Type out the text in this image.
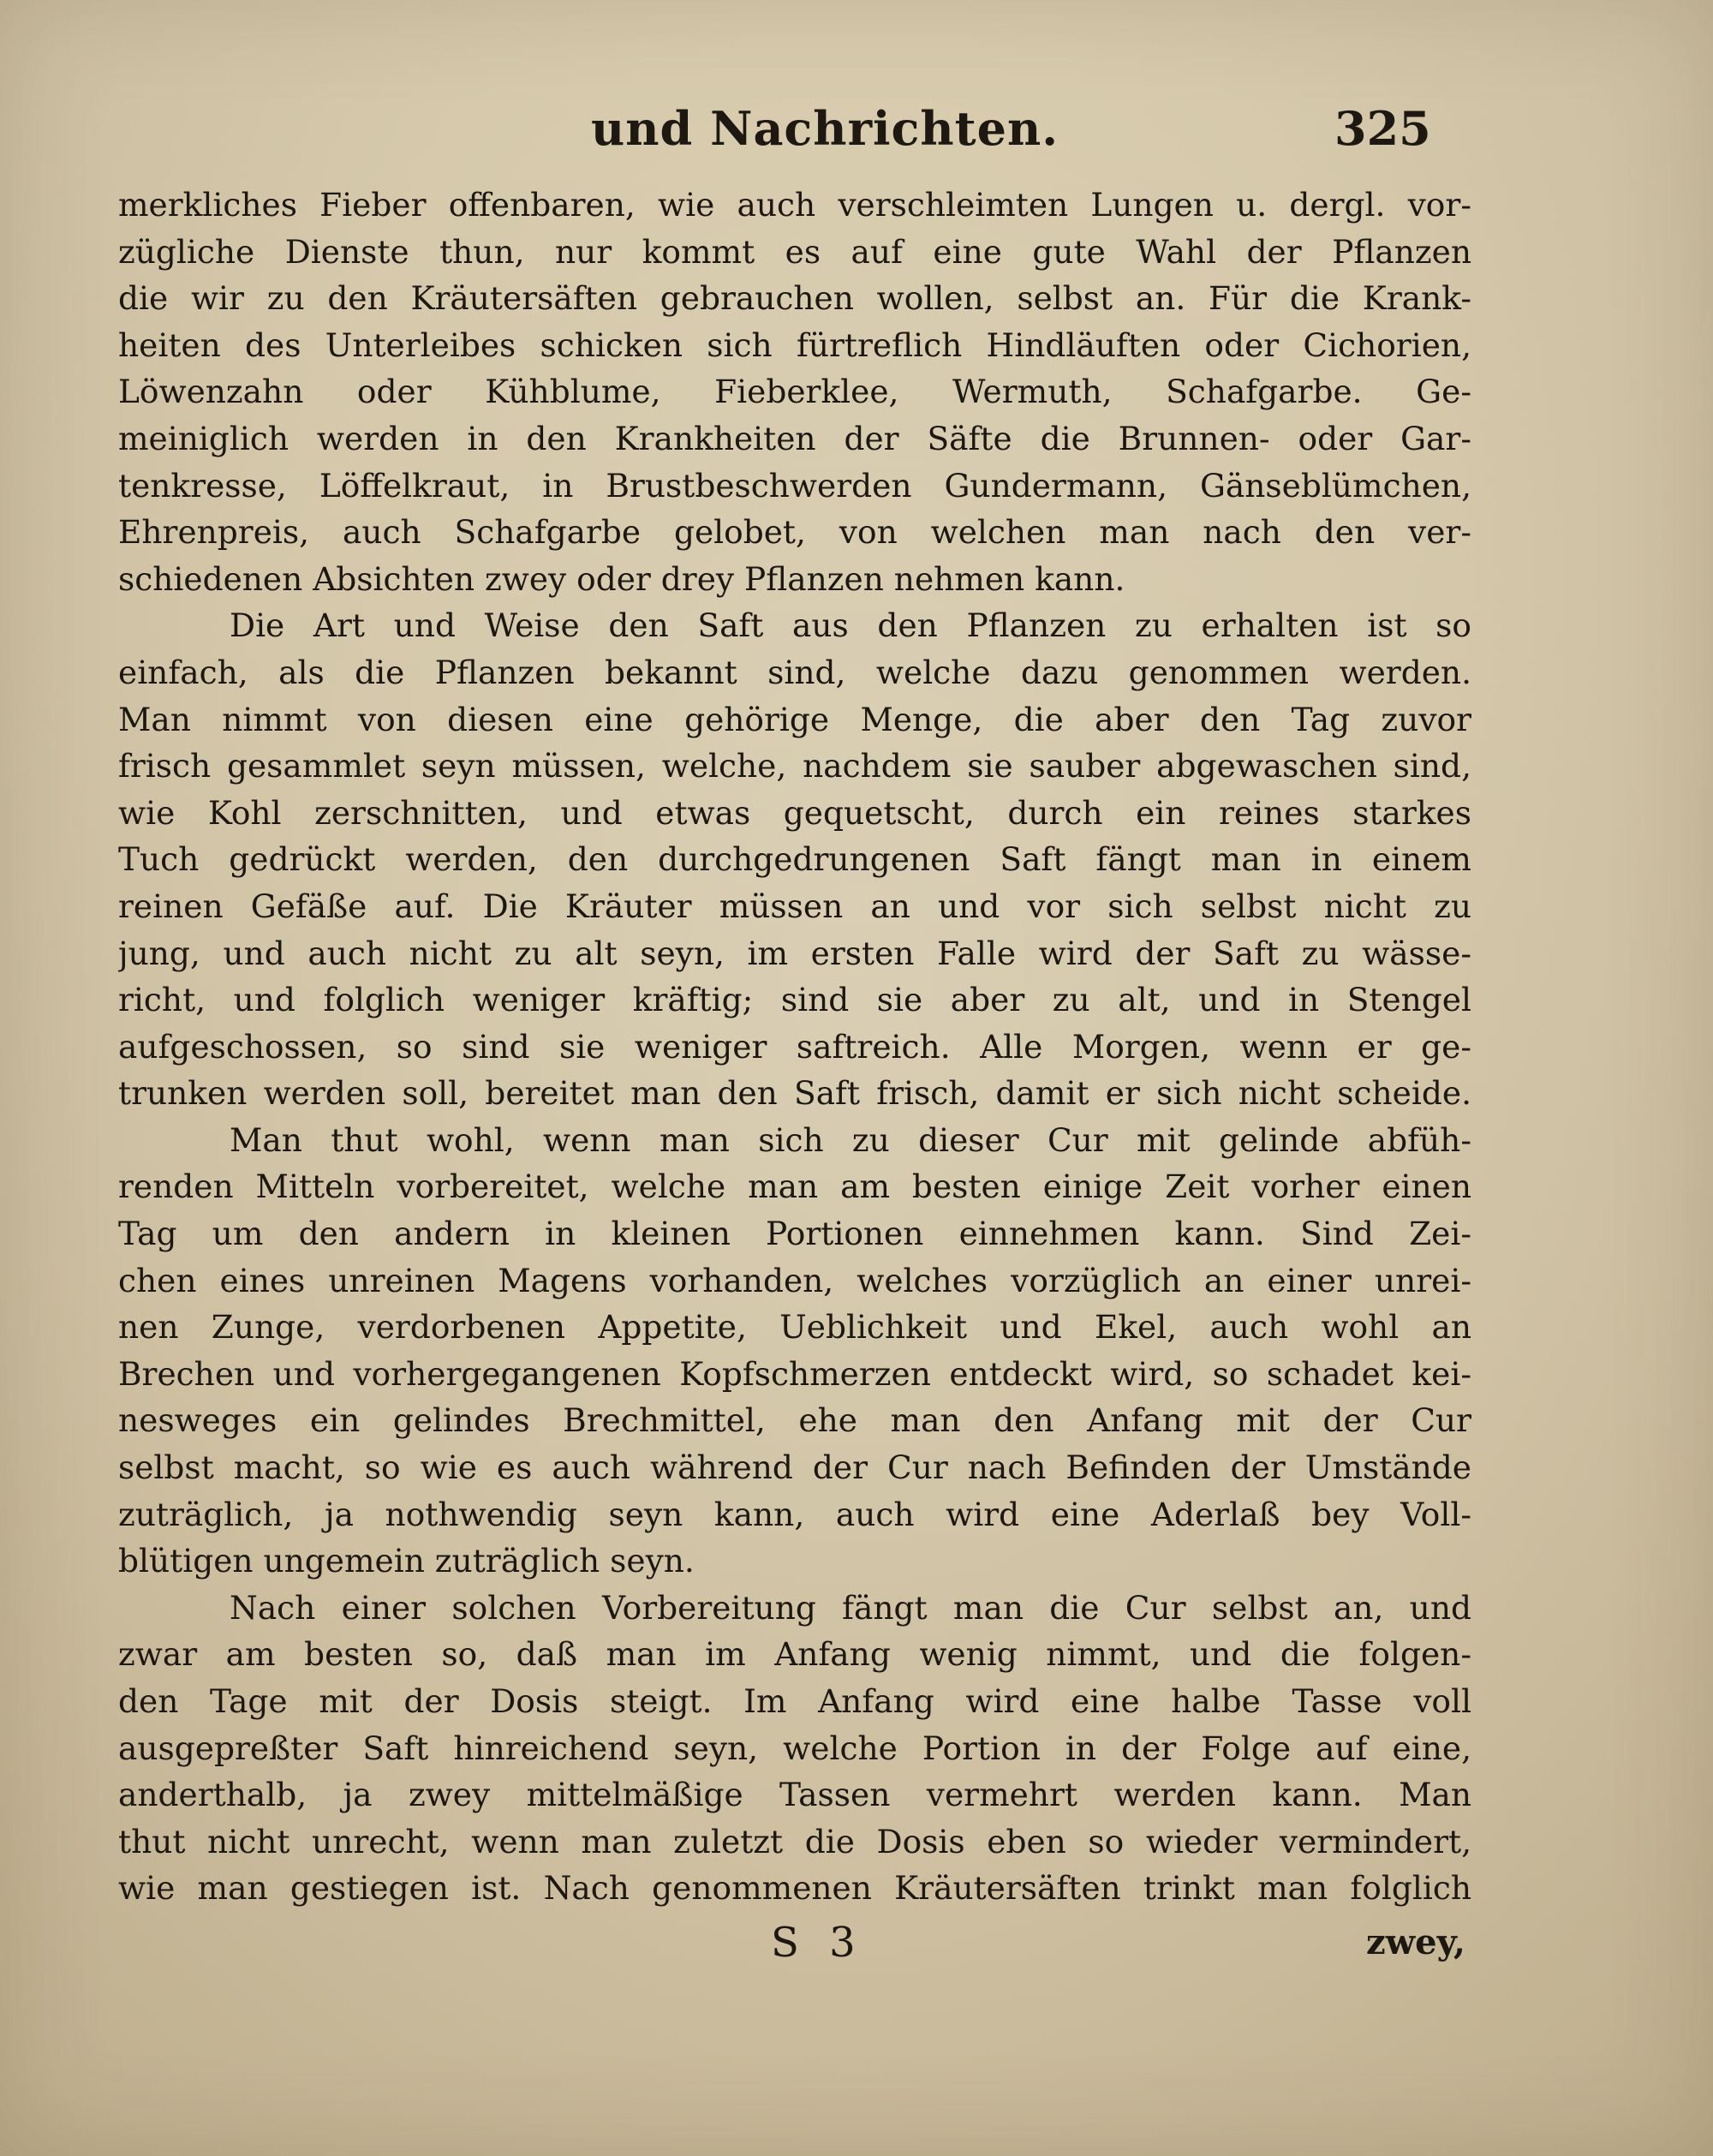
und Nachrichten.	325
merkliches Fieber offenbaren, wie auch verschleimten Lungen u. dergl. vor-
zügliche Dienste thun, nur kommt es auf eine gute Wahl der Pflanzen
die wir zu den Kräutersäften gebrauchen wollen, selbst an. Für die Krank-
heiten des Unterleibes schicken sich fürtreflich Hindläuften oder Cichorien,
Löwenzahn oder Kühblume, Fieberklee, Wermuth, Schafgarbe. Ge-
meiniglich werden in den Krankheiten der Säfte die Brunnen- oder Gar-
tenkresse, Löffelkraut, in Brustbeschwerden Gundermann, Gänseblümchen,
Ehrenpreis, auch Schafgarbe gelobet, von welchen man nach den ver-
schiedenen Absichten zwey oder drey Pflanzen nehmen kann.
Die Art und Weise den Saft aus den Pflanzen zu erhalten ist so
einfach, als die Pflanzen bekannt sind, welche dazu genommen werden.
Man nimmt von diesen eine gehörige Menge, die aber den Tag zuvor
frisch gesammlet seyn müssen, welche, nachdem sie sauber abgewaschen sind,
wie Kohl zerschnitten, und etwas gequetscht, durch ein reines starkes
Tuch gedrückt werden, den durchgedrungenen Saft fängt man in einem
reinen Gefäße auf. Die Kräuter müssen an und vor sich selbst nicht zu
jung, und auch nicht zu alt seyn, im ersten Falle wird der Saft zu wässe-
richt, und folglich weniger kräftig; sind sie aber zu alt, und in Stengel
aufgeschossen, so sind sie weniger saftreich. Alle Morgen, wenn er ge-
trunken werden soll, bereitet man den Saft frisch, damit er sich nicht scheide.
Man thut wohl, wenn man sich zu dieser Cur mit gelinde abfüh-
renden Mitteln vorbereitet, welche man am besten einige Zeit vorher einen
Tag um den andern in kleinen Portionen einnehmen kann. Sind Zei-
chen eines unreinen Magens vorhanden, welches vorzüglich an einer unrei-
nen Zunge, verdorbenen Appetite, Ueblichkeit und Ekel, auch wohl an
Brechen und vorhergegangenen Kopfschmerzen entdeckt wird, so schadet kei-
nesweges ein gelindes Brechmittel, ehe man den Anfang mit der Cur
selbst macht, so wie es auch während der Cur nach Befinden der Umstände
zuträglich, ja nothwendig seyn kann, auch wird eine Aderlaß bey Voll-
blütigen ungemein zuträglich seyn.
Nach einer solchen Vorbereitung fängt man die Cur selbst an, und
zwar am besten so, daß man im Anfang wenig nimmt, und die folgen-
den Tage mit der Dosis steigt. Im Anfang wird eine halbe Tasse voll
ausgepreßter Saft hinreichend seyn, welche Portion in der Folge auf eine,
anderthalb, ja zwey mittelmäßige Tassen vermehrt werden kann. Man
thut nicht unrecht, wenn man zuletzt die Dosis eben so wieder vermindert,
wie man gestiegen ist. Nach genommenen Kräutersäften trinkt man folglich
S 3	zwey,
